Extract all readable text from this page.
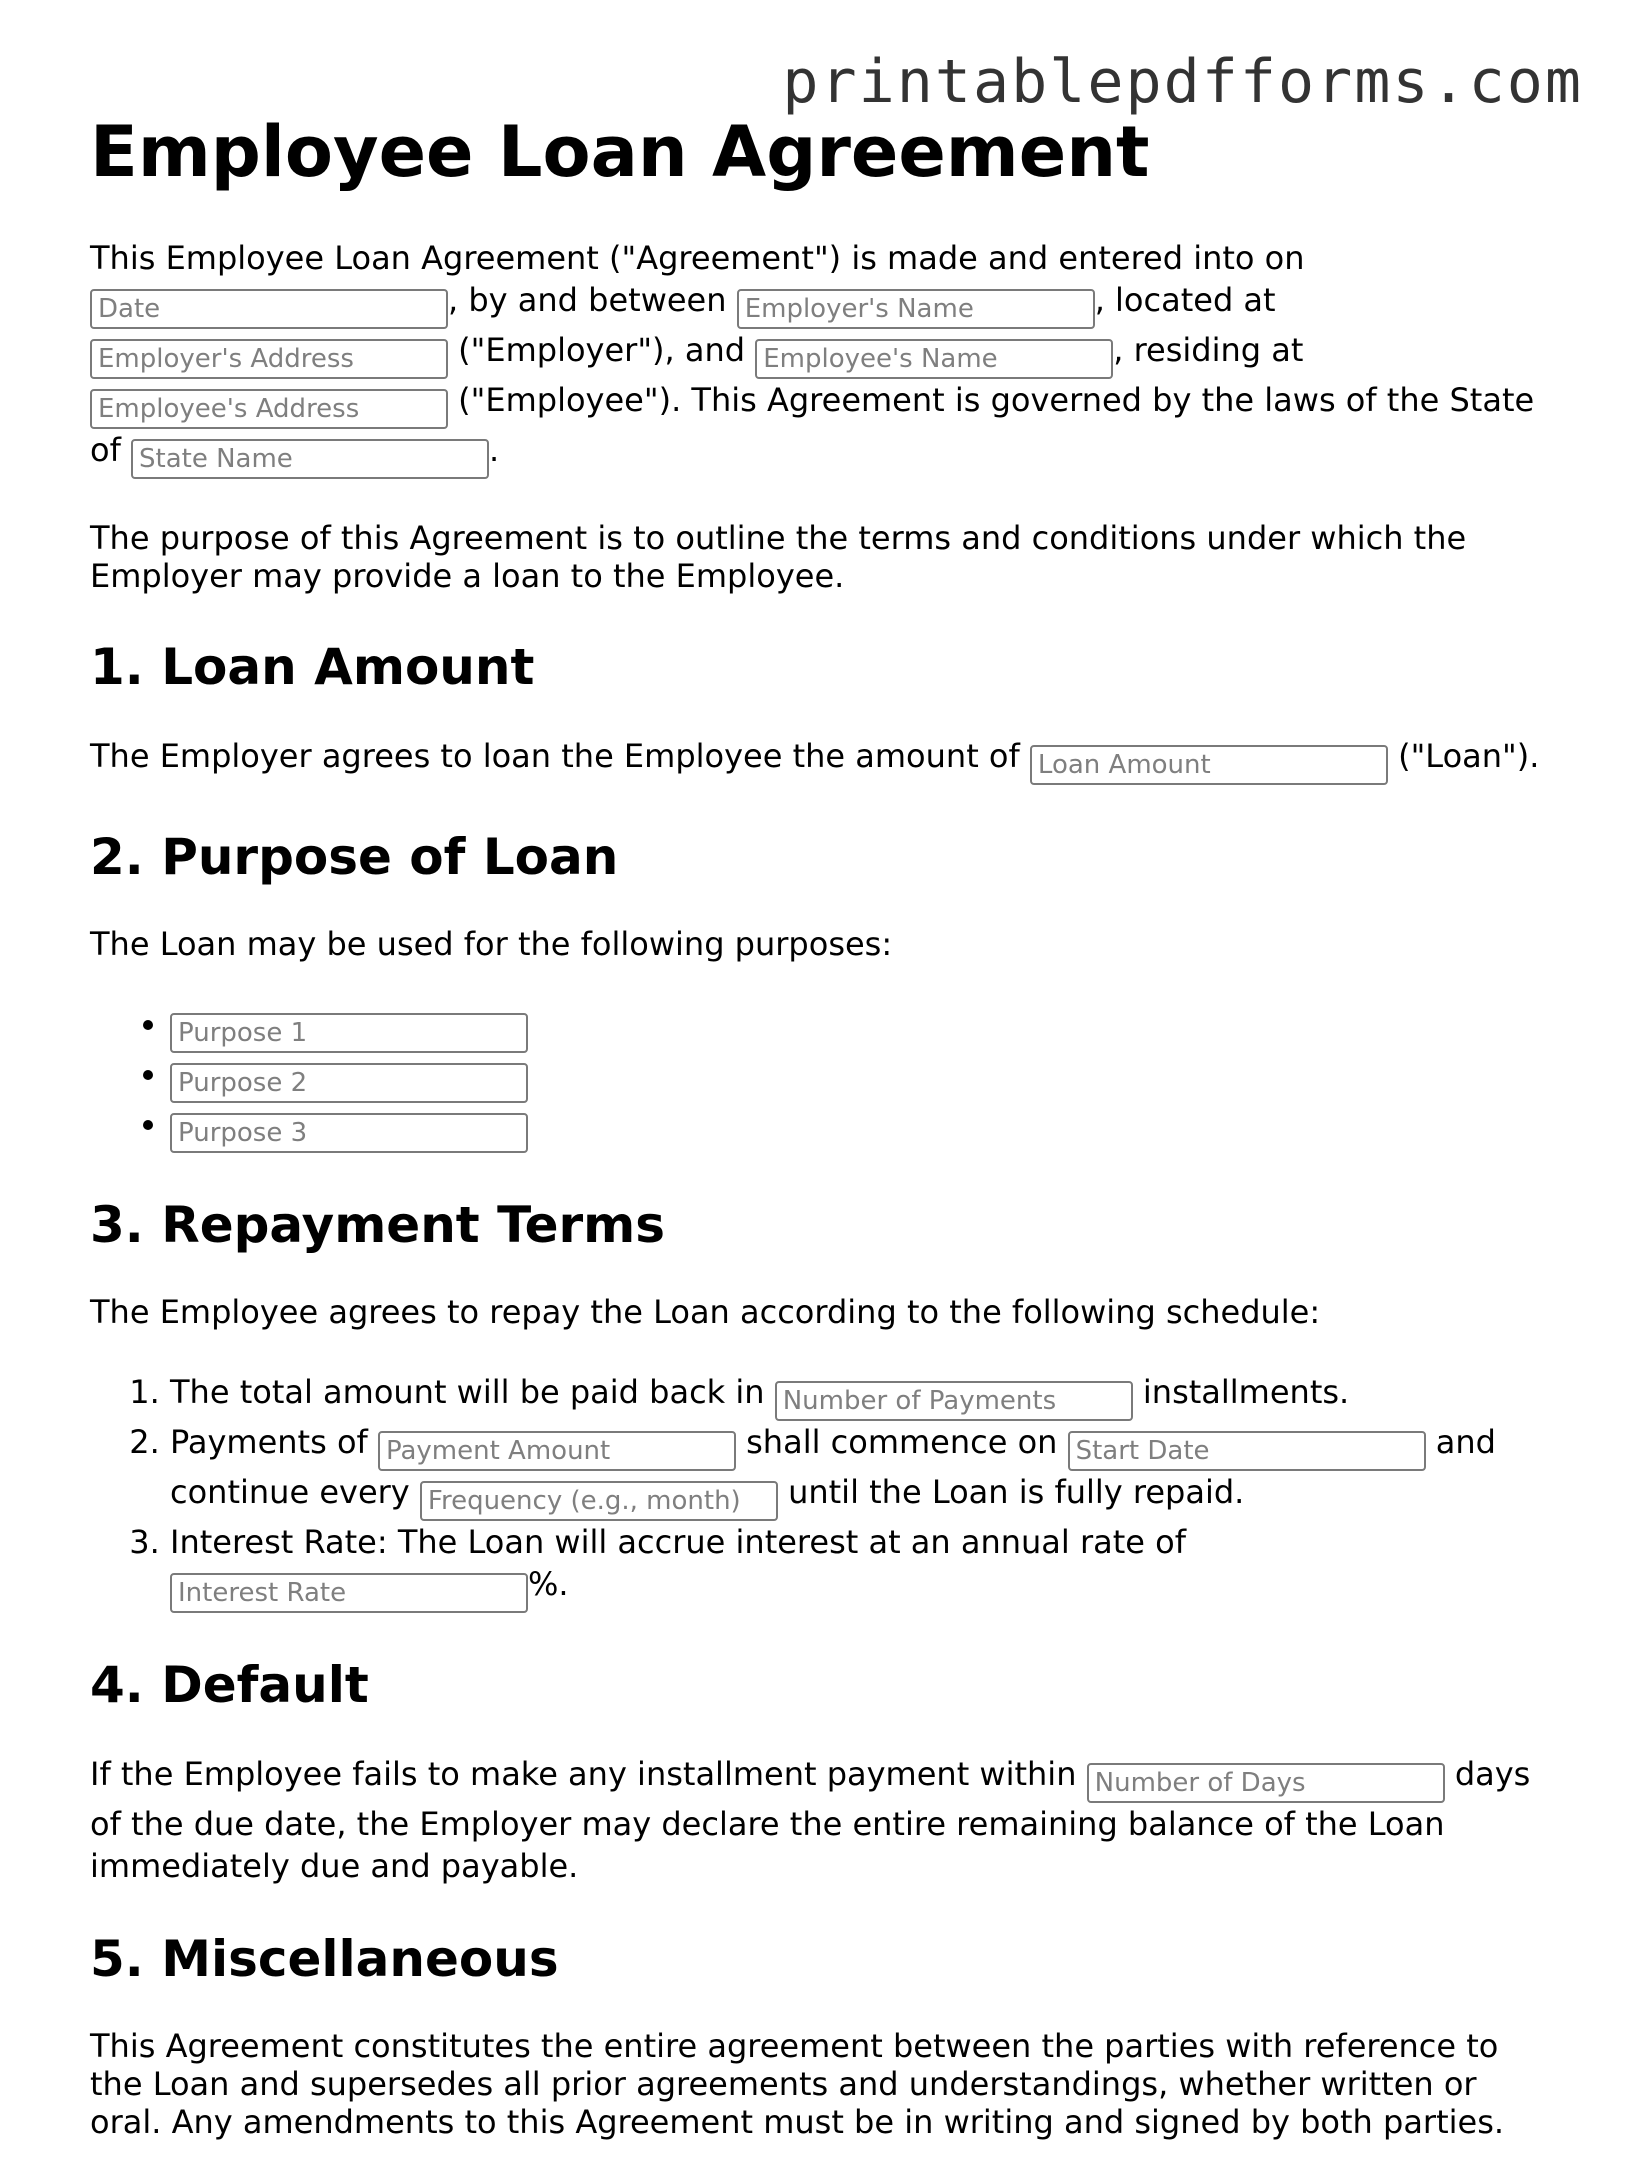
printablepdfforms.com
Employee Loan Agreement

This Employee Loan Agreement ("Agreement") is made and entered into on
Date, by and between Employer's Name	, located at
Employer's Address ("Employer"), and Employee's Name	, residing at
Employee's Address ("Employee"). This Agreement is governed by the laws of the State of State Name	.

The purpose of this Agreement is to outline the terms and conditions under which the Employer may provide a loan to the Employee.

1. Loan Amount

The Employer agrees to loan the Employee the amount of Loan Amount	("Loan").

2. Purpose of Loan

The Loan may be used for the following purposes:

• Purpose 1
• Purpose 2
• Purpose 3
3. Repayment Terms

The Employee agrees to repay the Loan according to the following schedule:

1. The total amount will be paid back in Number of Payments	installments.
2. Payments of Payment Amount	shall commence on Start Date	and continue every Frequency (e.g., month)	until the Loan is fully repaid.
3. Interest Rate: The Loan will accrue interest at an annual rate of
Interest Rate%.
4. Default

If the Employee fails to make any installment payment within Number of Days	days of the due date, the Employer may declare the entire remaining balance of the Loan immediately due and payable.

5. Miscellaneous

This Agreement constitutes the entire agreement between the parties with reference to the Loan and supersedes all prior agreements and understandings, whether written or oral. Any amendments to this Agreement must be in writing and signed by both parties.
